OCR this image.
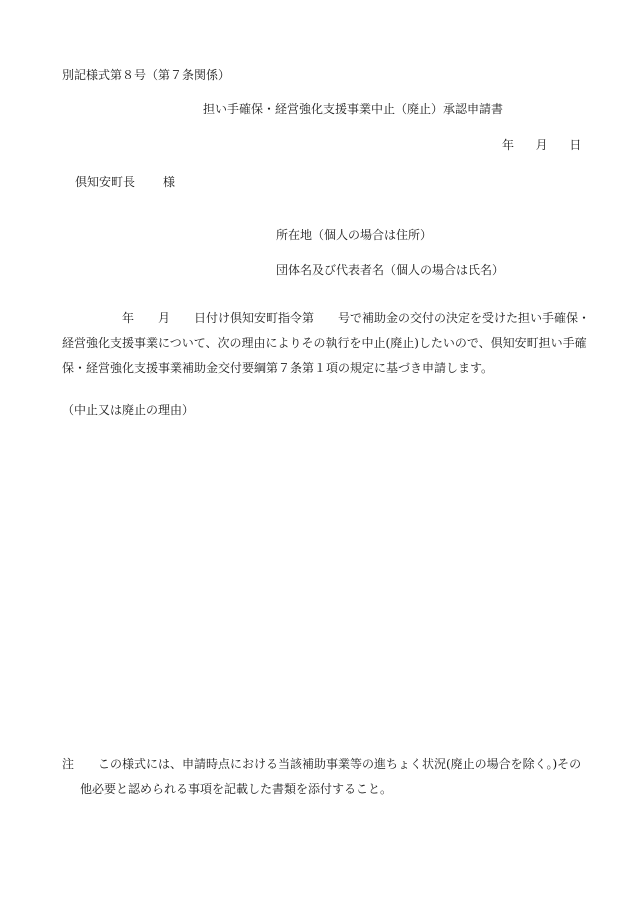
別記様式第８号（第７条関係）
担い手確保・経営強化支援事業中止（廃止）承認申請書
年 月 日
倶知安町長 様
所在地（個人の場合は住所）
団体名及び代表者名（個人の場合は氏名）
年　　月　　日付け倶知安町指令第　　号で補助金の交付の決定を受けた担い手確保・
経営強化支援事業について、次の理由によりその執行を中止(廃止)したいので、倶知安町担い手確
保・経営強化支援事業補助金交付要綱第７条第１項の規定に基づき申請します。
（中止又は廃止の理由）
注 この様式には、申請時点における当該補助事業等の進ちょく状況(廃止の場合を除く。)その
他必要と認められる事項を記載した書類を添付すること。
